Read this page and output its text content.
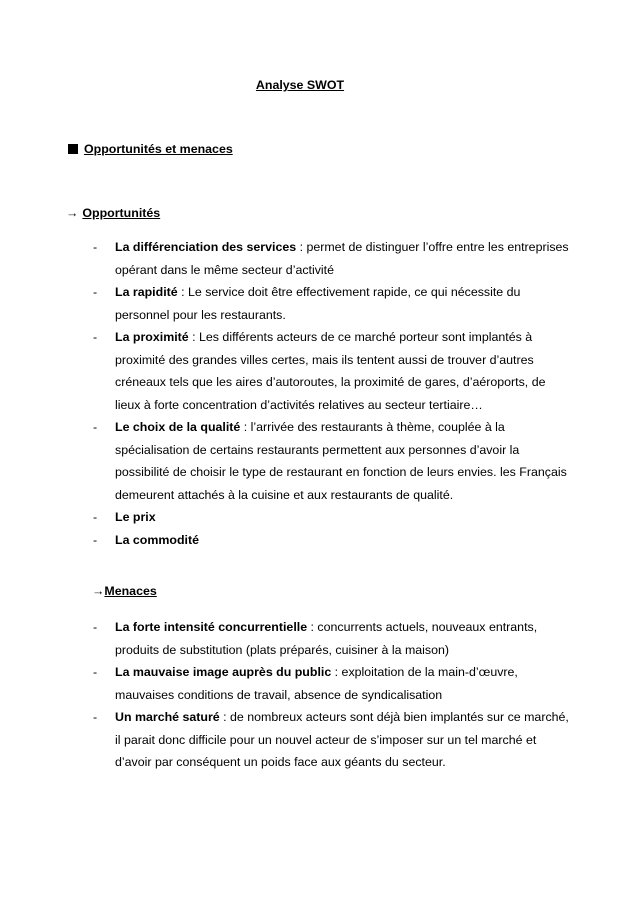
Analyse SWOT
Opportunités et menaces
→ Opportunités
- La différenciation des services : permet de distinguer l’offre entre les entreprises opérant dans le même secteur d’activité
- La rapidité : Le service doit être effectivement rapide, ce qui nécessite du personnel pour les restaurants.
- La proximité : Les différents acteurs de ce marché porteur sont implantés à proximité des grandes villes certes, mais ils tentent aussi de trouver d’autres créneaux tels que les aires d’autoroutes, la proximité de gares, d’aéroports, de lieux à forte concentration d’activités relatives au secteur tertiaire…
- Le choix de la qualité : l’arrivée des restaurants à thème, couplée à la spécialisation de certains restaurants permettent aux personnes d’avoir la possibilité de choisir le type de restaurant en fonction de leurs envies. les Français demeurent attachés à la cuisine et aux restaurants de qualité.
- Le prix
- La commodité
→Menaces
- La forte intensité concurrentielle : concurrents actuels, nouveaux entrants, produits de substitution (plats préparés, cuisiner à la maison)
- La mauvaise image auprès du public : exploitation de la main-d’œuvre, mauvaises conditions de travail, absence de syndicalisation
- Un marché saturé : de nombreux acteurs sont déjà bien implantés sur ce marché, il parait donc difficile pour un nouvel acteur de s’imposer sur un tel marché et d’avoir par conséquent un poids face aux géants du secteur.
